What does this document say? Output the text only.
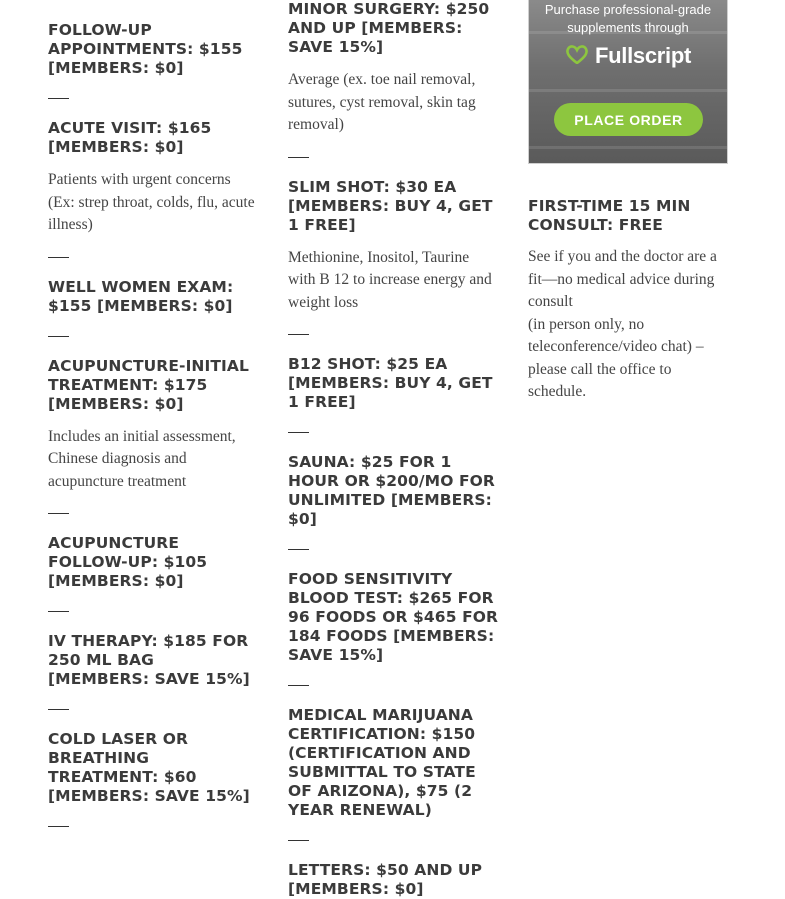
FOLLOW-UP APPOINTMENTS: $155 [MEMBERS: $0]
ACUTE VISIT: $165 [MEMBERS: $0]

Patients with urgent concerns (Ex: strep throat, colds, flu, acute illness)

WELL WOMEN EXAM: $155 [MEMBERS: $0]
ACUPUNCTURE-INITIAL TREATMENT: $175 [MEMBERS: $0]

Includes an initial assessment, Chinese diagnosis and acupuncture treatment

ACUPUNCTURE FOLLOW-UP: $105 [MEMBERS: $0]
IV THERAPY: $185 FOR 250 ML BAG [MEMBERS: SAVE 15%]
COLD LASER OR BREATHING TREATMENT: $60 [MEMBERS: SAVE 15%]
MINOR SURGERY: $250 AND UP [MEMBERS: SAVE 15%]

Average (ex. toe nail removal, sutures, cyst removal, skin tag removal)

SLIM SHOT: $30 EA [MEMBERS: BUY 4, GET 1 FREE]

Methionine, Inositol, Taurine with B 12 to increase energy and weight loss

B12 SHOT: $25 EA [MEMBERS: BUY 4, GET 1 FREE]
SAUNA: $25 FOR 1 HOUR OR $200/MO FOR UNLIMITED [MEMBERS: $0]
FOOD SENSITIVITY BLOOD TEST: $265 FOR 96 FOODS OR $465 FOR 184 FOODS [MEMBERS: SAVE 15%]
MEDICAL MARIJUANA CERTIFICATION: $150 (CERTIFICATION AND SUBMITTAL TO STATE OF ARIZONA), $75 (2 YEAR RENEWAL)
LETTERS: $50 AND UP [MEMBERS: $0]
Purchase professional-grade
supplements through
Fullscript
PLACE ORDER
FIRST-TIME 15 MIN CONSULT: FREE

See if you and the doctor are a fit—no medical advice during consult
(in person only, no teleconference/video chat) – please call the office to schedule.
